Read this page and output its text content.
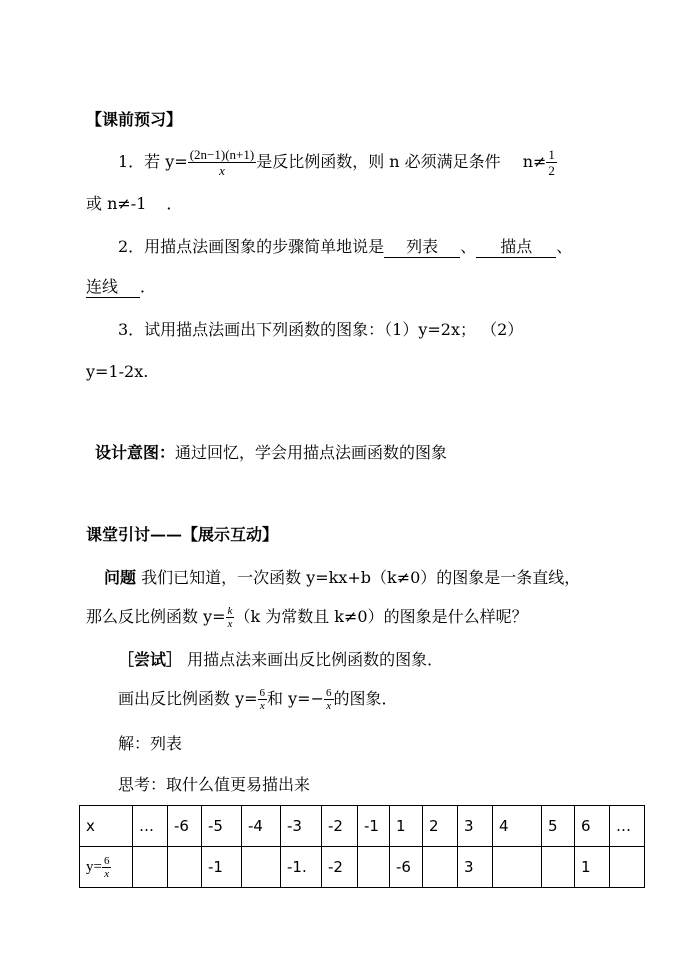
【课前预习】
1．若 $y= \frac{(2n-1)(n+1)}{x}$ 是反比例函数，则 n 必须满足条件 $n\ne \frac{1}{2}$
或 n≠-1 ．
2．用描点法画图象的步骤简单地说是 列表 、 描点 、
连线 ．
3．试用描点法画出下列函数的图象：（1）y=2x； （2）
y=1-2x.
设计意图：通过回忆，学会用描点法画函数的图象
课堂引讨——【展示互动】
问题 我们已知道，一次函数 y=kx+b（k≠0）的图象是一条直线，
那么反比例函数 $y= \frac{k}{x} (k$ 为常数且 k≠0）的图象是什么样呢？
［尝试］ 用描点法来画出反比例函数的图象．
画出反比例函数 $y= \frac{6}{x}$ 和 $y=- \frac{6}{x}$ 的图象．
解：列表
思考：取什么值更易描出来
x	…	-6	-5	-4	-3	-2	-1	1	2	3	4	5	6	…
$y= \frac{6}{x}$			-1		-1.	-2		-6		3			1	
